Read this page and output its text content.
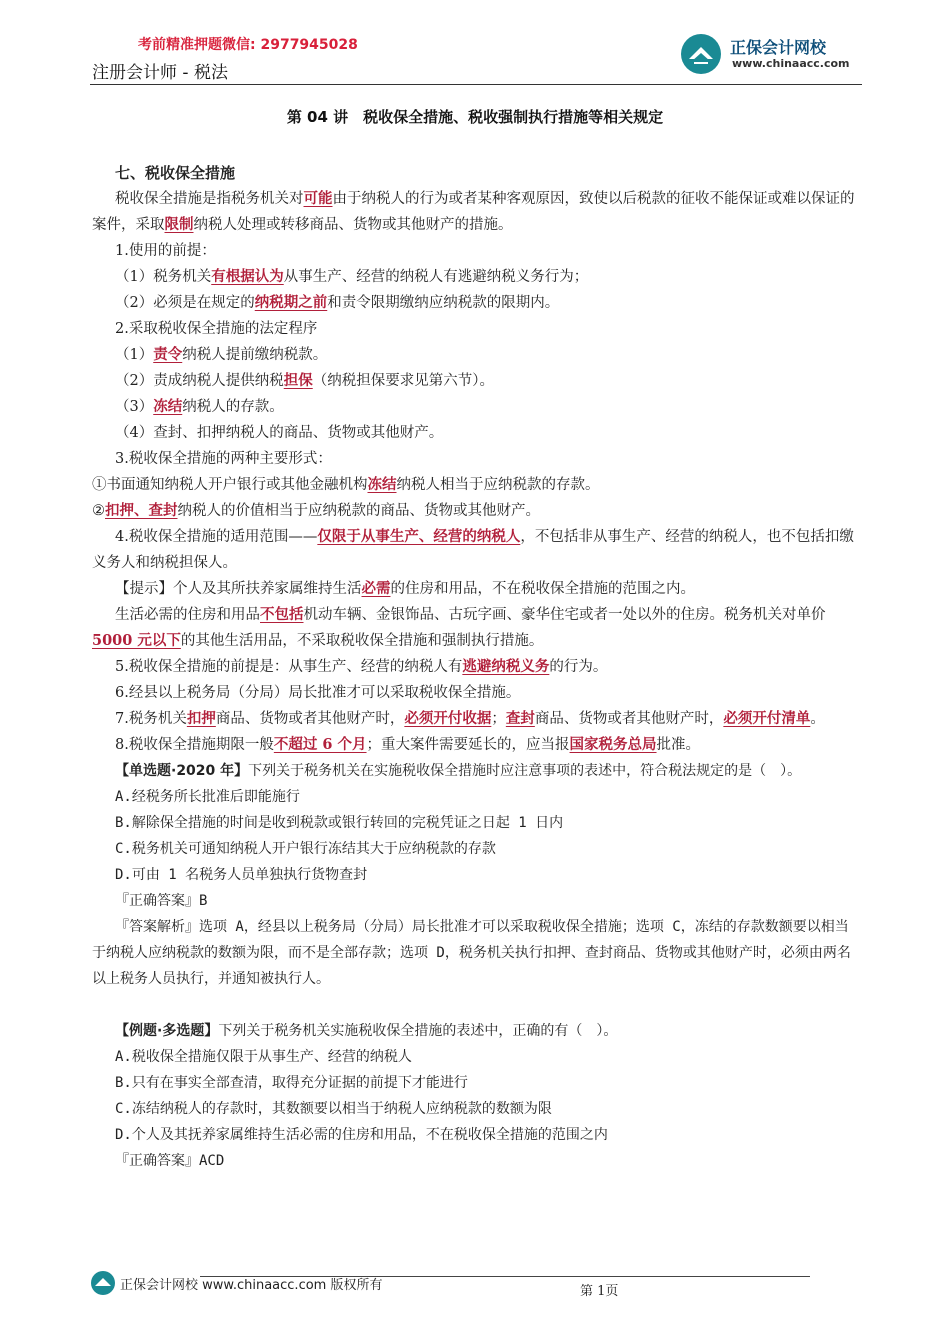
考前精准押题微信: 2977945028
注册会计师 - 税法
正保会计网校
www.chinaacc.com
第 04 讲　税收保全措施、税收强制执行措施等相关规定

七、税收保全措施

税收保全措施是指税务机关对可能由于纳税人的行为或者某种客观原因，致使以后税款的征收不能保证或难以保证的案件，采取限制纳税人处理或转移商品、货物或其他财产的措施。

1.使用的前提：

（1）税务机关有根据认为从事生产、经营的纳税人有逃避纳税义务行为；

（2）必须是在规定的纳税期之前和责令限期缴纳应纳税款的限期内。

2.采取税收保全措施的法定程序

（1）责令纳税人提前缴纳税款。

（2）责成纳税人提供纳税担保（纳税担保要求见第六节）。

（3）冻结纳税人的存款。

（4）查封、扣押纳税人的商品、货物或其他财产。

3.税收保全措施的两种主要形式：

①书面通知纳税人开户银行或其他金融机构冻结纳税人相当于应纳税款的存款。

②扣押、查封纳税人的价值相当于应纳税款的商品、货物或其他财产。

4.税收保全措施的适用范围——仅限于从事生产、经营的纳税人，不包括非从事生产、经营的纳税人，也不包括扣缴义务人和纳税担保人。

【提示】个人及其所扶养家属维持生活必需的住房和用品，不在税收保全措施的范围之内。

生活必需的住房和用品不包括机动车辆、金银饰品、古玩字画、豪华住宅或者一处以外的住房。税务机关对单价5000 元以下的其他生活用品，不采取税收保全措施和强制执行措施。

5.税收保全措施的前提是：从事生产、经营的纳税人有逃避纳税义务的行为。

6.经县以上税务局（分局）局长批准才可以采取税收保全措施。

7.税务机关扣押商品、货物或者其他财产时，必须开付收据；查封商品、货物或者其他财产时，必须开付清单。

8.税收保全措施期限一般不超过 6 个月；重大案件需要延长的，应当报国家税务总局批准。

【单选题·2020 年】下列关于税务机关在实施税收保全措施时应注意事项的表述中，符合税法规定的是（　）。

A.经税务所长批准后即能施行

B.解除保全措施的时间是收到税款或银行转回的完税凭证之日起 1 日内

C.税务机关可通知纳税人开户银行冻结其大于应纳税款的存款

D.可由 1 名税务人员单独执行货物查封

『正确答案』B

『答案解析』选项 A，经县以上税务局（分局）局长批准才可以采取税收保全措施；选项 C，冻结的存款数额要以相当于纳税人应纳税款的数额为限，而不是全部存款；选项 D，税务机关执行扣押、查封商品、货物或其他财产时，必须由两名以上税务人员执行，并通知被执行人。

【例题·多选题】下列关于税务机关实施税收保全措施的表述中，正确的有（　）。

A.税收保全措施仅限于从事生产、经营的纳税人

B.只有在事实全部查清，取得充分证据的前提下才能进行

C.冻结纳税人的存款时，其数额要以相当于纳税人应纳税款的数额为限

D.个人及其抚养家属维持生活必需的住房和用品，不在税收保全措施的范围之内

『正确答案』ACD

正保会计网校 www.chinaacc.com 版权所有	第 1页
